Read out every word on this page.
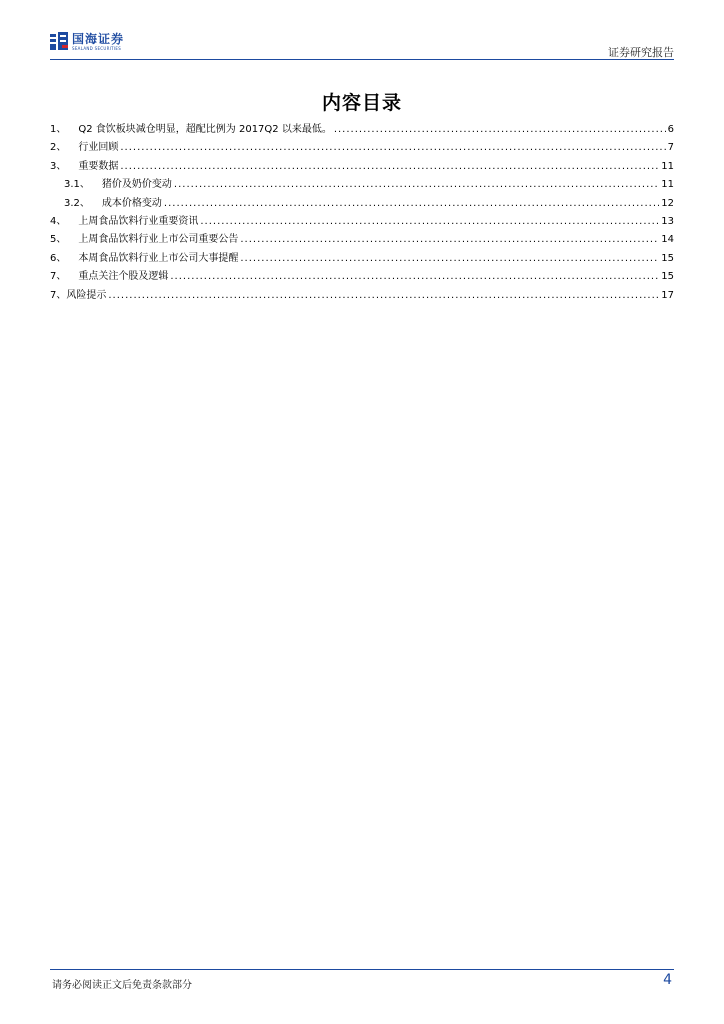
国海证券
SEALAND SECURITIES	证券研究报告
内容目录
1、	Q2 食饮板块减仓明显，超配比例为 2017Q2 以来最低。 .....	6
2、	行业回顾 .....	7
3、	重要数据 .....	11
3.1、	猪价及奶价变动 .....	11
3.2、	成本价格变动 .....	12
4、	上周食品饮料行业重要资讯 .....	13
5、	上周食品饮料行业上市公司重要公告 .....	14
6、	本周食品饮料行业上市公司大事提醒 .....	15
7、	重点关注个股及逻辑 .....	15
7、 风险提示 .....	17
请务必阅读正文后免责条款部分	4
